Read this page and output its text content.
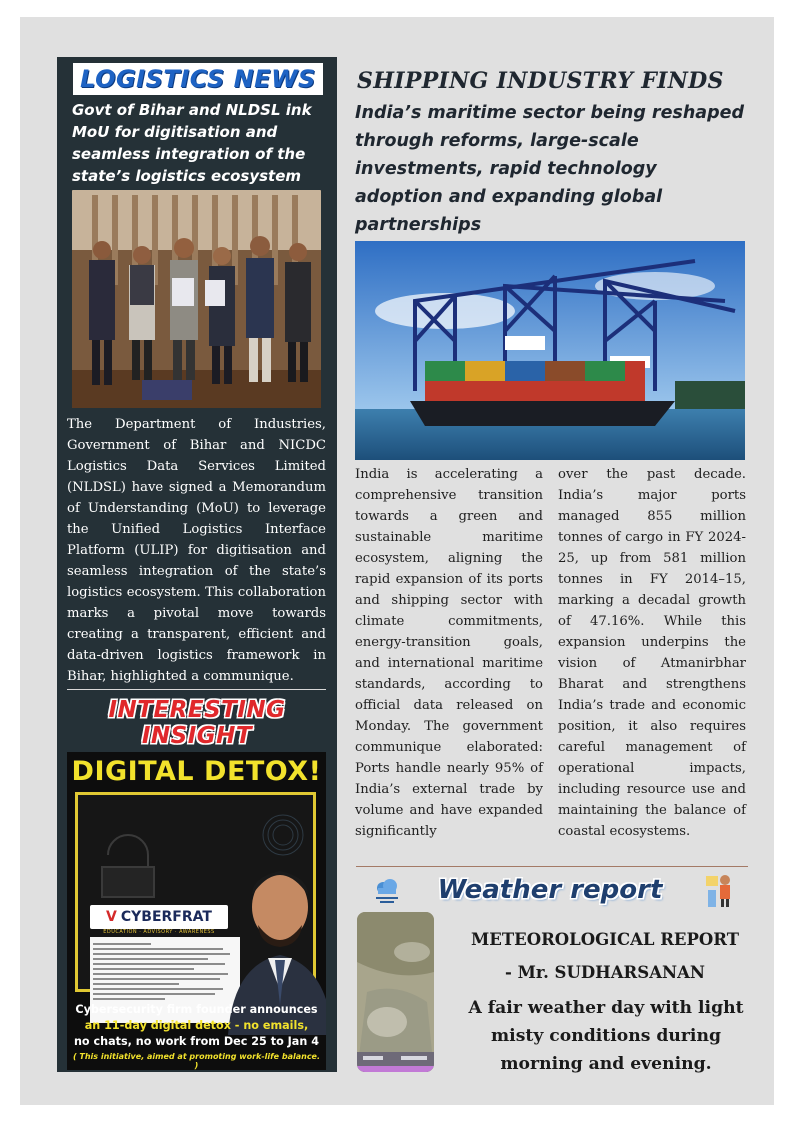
LOGISTICS NEWS
Govt of Bihar and NLDSL ink MoU for digitisation and seamless integration of the state’s logistics ecosystem
The Department of Industries, Government of Bihar and NICDC Logistics Data Services Limited (NLDSL) have signed a Memorandum of Understanding (MoU) to leverage the Unified Logistics Interface Platform (ULIP) for digitisation and seamless integration of the state’s logistics ecosystem. This collaboration marks a pivotal move towards creating a transparent, efficient and data-driven logistics framework in Bihar, highlighted a communique.
INTERESTING
INSIGHT
DIGITAL DETOX!
V CYBERFRAT
EDUCATION · ADVISORY · AWARENESS
Cybersecurity firm founder announces
an 11-day digital detox - no emails,
no chats, no work from Dec 25 to Jan 4
( This initiative, aimed at promoting work-life balance. )
SHIPPING INDUSTRY FINDS
India’s maritime sector being reshaped through reforms, large-scale investments, rapid technology adoption and expanding global partnerships
India is accelerating a comprehensive transition towards a green and sustainable maritime ecosystem, aligning the rapid expansion of its ports and shipping sector with climate commitments, energy-transition goals, and international maritime standards, according to official data released on Monday. The government communique elaborated: Ports handle nearly 95% of India’s external trade by volume and have expanded significantly
over the past decade. India’s major ports managed 855 million tonnes of cargo in FY 2024-25, up from 581 million tonnes in FY 2014–15, marking a decadal growth of 47.16%. While this expansion underpins the vision of Atmanirbhar Bharat and strengthens India’s trade and economic position, it also requires careful management of operational impacts, including resource use and maintaining the balance of coastal ecosystems.
Weather report
METEOROLOGICAL REPORT
- Mr. SUDHARSANAN
A fair weather day with light misty conditions during morning and evening.
